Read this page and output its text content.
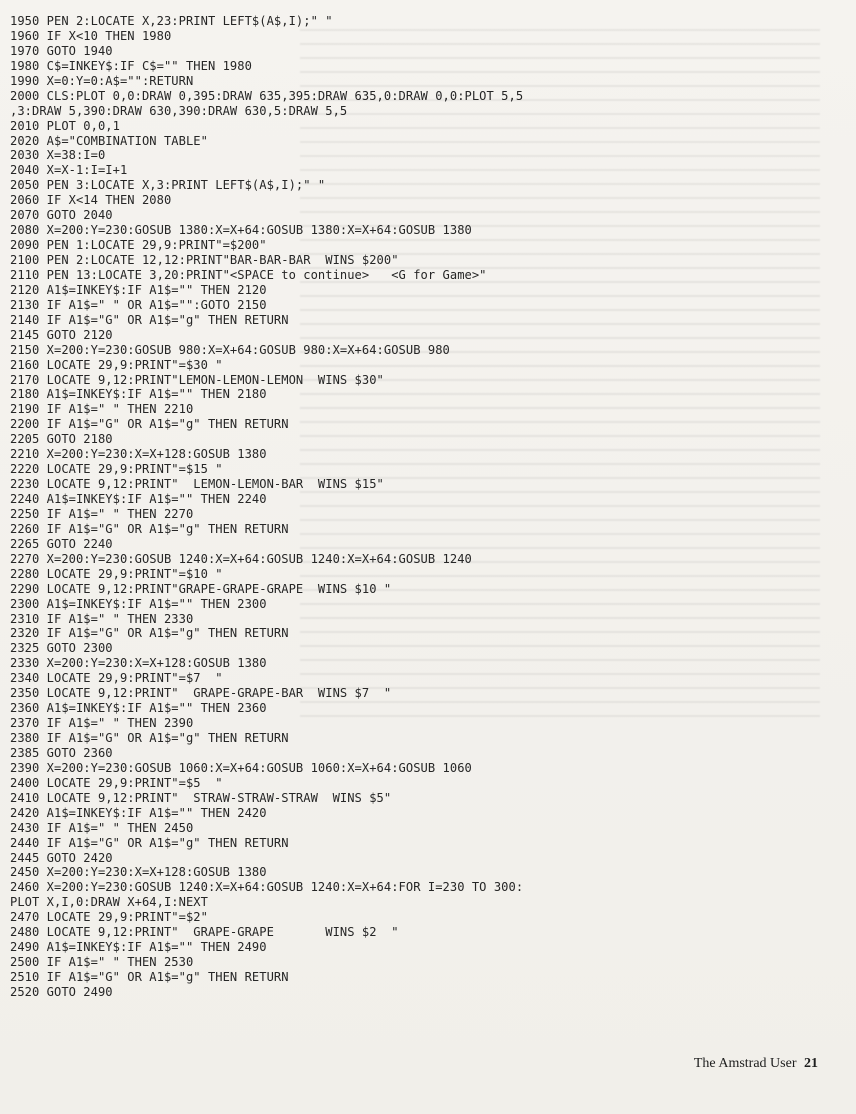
1950 PEN 2:LOCATE X,23:PRINT LEFT$(A$,I);" "
1960 IF X<10 THEN 1980
1970 GOTO 1940
1980 C$=INKEY$:IF C$="" THEN 1980
1990 X=0:Y=0:A$="":RETURN
2000 CLS:PLOT 0,0:DRAW 0,395:DRAW 635,395:DRAW 635,0:DRAW 0,0:PLOT 5,5
,3:DRAW 5,390:DRAW 630,390:DRAW 630,5:DRAW 5,5
2010 PLOT 0,0,1
2020 A$="COMBINATION TABLE"
2030 X=38:I=0
2040 X=X-1:I=I+1
2050 PEN 3:LOCATE X,3:PRINT LEFT$(A$,I);" "
2060 IF X<14 THEN 2080
2070 GOTO 2040
2080 X=200:Y=230:GOSUB 1380:X=X+64:GOSUB 1380:X=X+64:GOSUB 1380
2090 PEN 1:LOCATE 29,9:PRINT"=$200"
2100 PEN 2:LOCATE 12,12:PRINT"BAR-BAR-BAR  WINS $200"
2110 PEN 13:LOCATE 3,20:PRINT"<SPACE to continue>   <G for Game>"
2120 A1$=INKEY$:IF A1$="" THEN 2120
2130 IF A1$=" " OR A1$="":GOTO 2150
2140 IF A1$="G" OR A1$="g" THEN RETURN
2145 GOTO 2120
2150 X=200:Y=230:GOSUB 980:X=X+64:GOSUB 980:X=X+64:GOSUB 980
2160 LOCATE 29,9:PRINT"=$30 "
2170 LOCATE 9,12:PRINT"LEMON-LEMON-LEMON  WINS $30"
2180 A1$=INKEY$:IF A1$="" THEN 2180
2190 IF A1$=" " THEN 2210
2200 IF A1$="G" OR A1$="g" THEN RETURN
2205 GOTO 2180
2210 X=200:Y=230:X=X+128:GOSUB 1380
2220 LOCATE 29,9:PRINT"=$15 "
2230 LOCATE 9,12:PRINT"  LEMON-LEMON-BAR  WINS $15"
2240 A1$=INKEY$:IF A1$="" THEN 2240
2250 IF A1$=" " THEN 2270
2260 IF A1$="G" OR A1$="g" THEN RETURN
2265 GOTO 2240
2270 X=200:Y=230:GOSUB 1240:X=X+64:GOSUB 1240:X=X+64:GOSUB 1240
2280 LOCATE 29,9:PRINT"=$10 "
2290 LOCATE 9,12:PRINT"GRAPE-GRAPE-GRAPE  WINS $10 "
2300 A1$=INKEY$:IF A1$="" THEN 2300
2310 IF A1$=" " THEN 2330
2320 IF A1$="G" OR A1$="g" THEN RETURN
2325 GOTO 2300
2330 X=200:Y=230:X=X+128:GOSUB 1380
2340 LOCATE 29,9:PRINT"=$7  "
2350 LOCATE 9,12:PRINT"  GRAPE-GRAPE-BAR  WINS $7  "
2360 A1$=INKEY$:IF A1$="" THEN 2360
2370 IF A1$=" " THEN 2390
2380 IF A1$="G" OR A1$="g" THEN RETURN
2385 GOTO 2360
2390 X=200:Y=230:GOSUB 1060:X=X+64:GOSUB 1060:X=X+64:GOSUB 1060
2400 LOCATE 29,9:PRINT"=$5  "
2410 LOCATE 9,12:PRINT"  STRAW-STRAW-STRAW  WINS $5"
2420 A1$=INKEY$:IF A1$="" THEN 2420
2430 IF A1$=" " THEN 2450
2440 IF A1$="G" OR A1$="g" THEN RETURN
2445 GOTO 2420
2450 X=200:Y=230:X=X+128:GOSUB 1380
2460 X=200:Y=230:GOSUB 1240:X=X+64:GOSUB 1240:X=X+64:FOR I=230 TO 300:
PLOT X,I,0:DRAW X+64,I:NEXT
2470 LOCATE 29,9:PRINT"=$2"
2480 LOCATE 9,12:PRINT"  GRAPE-GRAPE       WINS $2  "
2490 A1$=INKEY$:IF A1$="" THEN 2490
2500 IF A1$=" " THEN 2530
2510 IF A1$="G" OR A1$="g" THEN RETURN
2520 GOTO 2490
The Amstrad User 21
